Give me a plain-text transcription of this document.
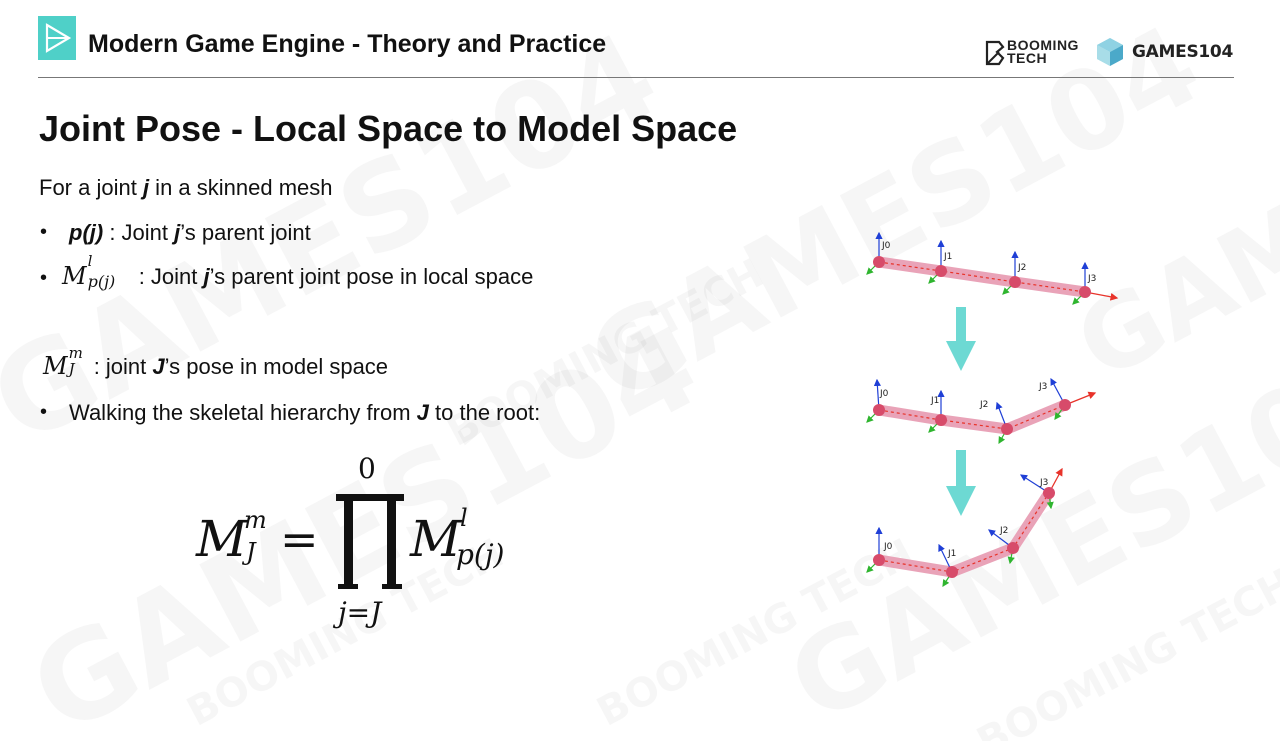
Modern Game Engine - Theory and Practice	BOOMING
TECH	GAMES104
Joint Pose - Local Space to Model Space
For a joint j in a skinned mesh
• p(j) : Joint j’s parent joint
• M
l
p(j) : Joint j’s parent joint pose in local space
M m
J : joint J’s pose in model space
• Walking the skeletal hierarchy from J to the root:
M
m
J =
0
j=J
M
l
p(j)
J0
J1
J2
J3
J0
J1	J2
J3
J0
J1
J2
J3
